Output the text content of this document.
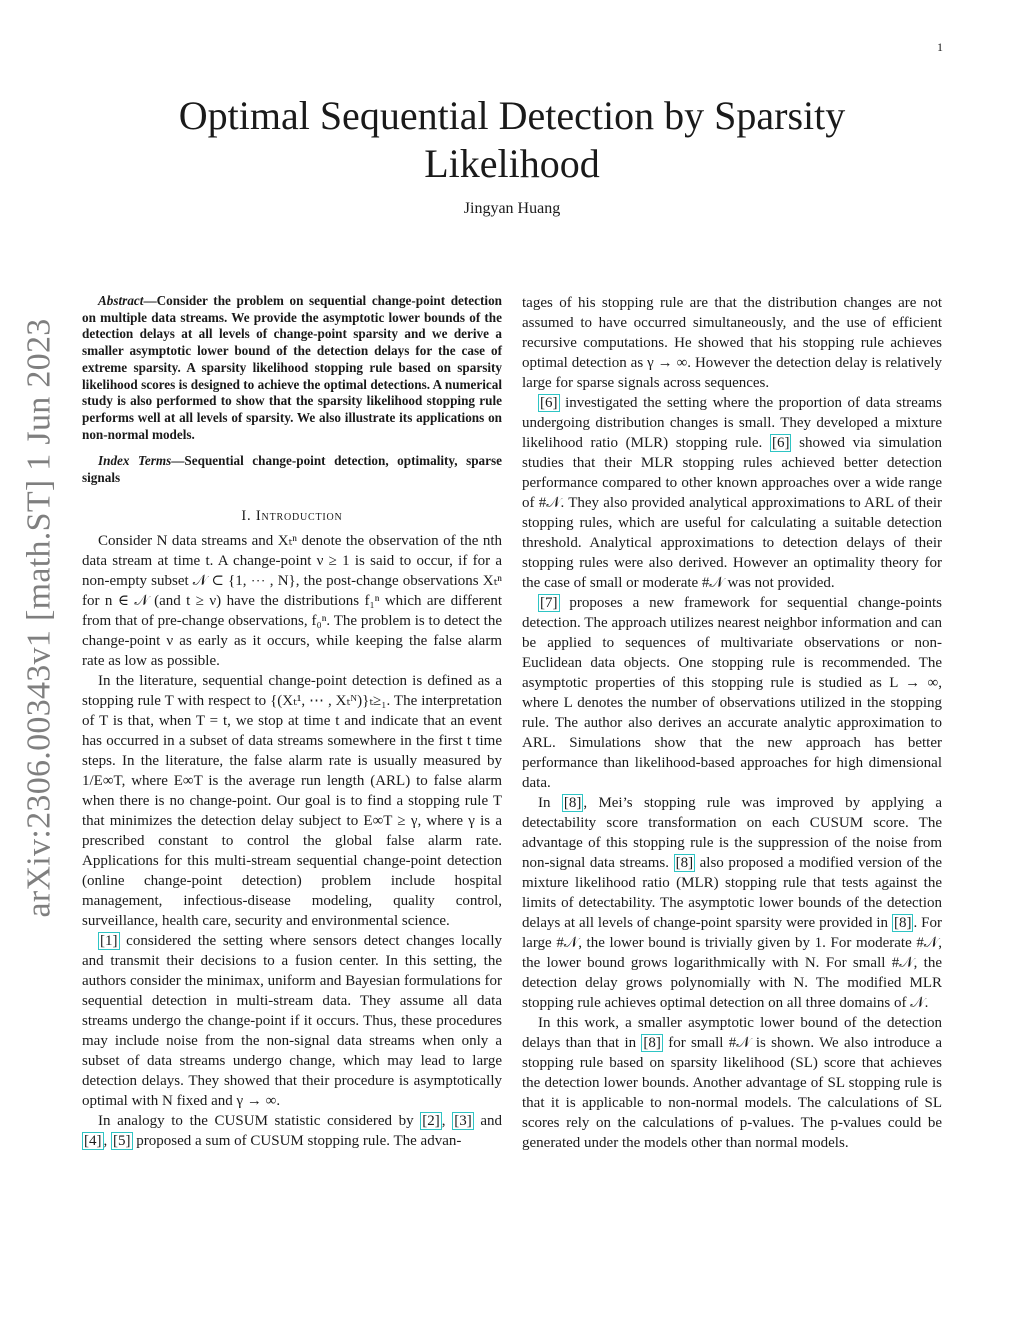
1
arXiv:2306.00343v1 [math.ST] 1 Jun 2023
Optimal Sequential Detection by Sparsity Likelihood
Jingyan Huang

Abstract—Consider the problem on sequential change-point detection on multiple data streams. We provide the asymptotic lower bounds of the detection delays at all levels of change-point sparsity and we derive a smaller asymptotic lower bound of the detection delays for the case of extreme sparsity. A sparsity likelihood stopping rule based on sparsity likelihood scores is designed to achieve the optimal detections. A numerical study is also performed to show that the sparsity likelihood stopping rule performs well at all levels of sparsity. We also illustrate its applications on non-normal models.

Index Terms—Sequential change-point detection, optimality, sparse signals

I. Introduction

Consider N data streams and Xₜⁿ denote the observation of the nth data stream at time t. A change-point ν ≥ 1 is said to occur, if for a non-empty subset 𝒩 ⊂ {1, ⋯ , N}, the post-change observations Xₜⁿ for n ∈ 𝒩 (and t ≥ ν) have the distributions f₁ⁿ which are different from that of pre-change observations, f₀ⁿ. The problem is to detect the change-point ν as early as it occurs, while keeping the false alarm rate as low as possible.

In the literature, sequential change-point detection is defined as a stopping rule T with respect to {(Xₜ¹, ⋯ , Xₜᴺ)}ₜ≥₁. The interpretation of T is that, when T = t, we stop at time t and indicate that an event has occurred in a subset of data streams somewhere in the first t time steps. In the literature, the false alarm rate is usually measured by 1/E∞T, where E∞T is the average run length (ARL) to false alarm when there is no change-point. Our goal is to find a stopping rule T that minimizes the detection delay subject to E∞T ≥ γ, where γ is a prescribed constant to control the global false alarm rate. Applications for this multi-stream sequential change-point detection (online change-point detection) problem include hospital management, infectious-disease modeling, quality control, surveillance, health care, security and environmental science.

[1] considered the setting where sensors detect changes locally and transmit their decisions to a fusion center. In this setting, the authors consider the minimax, uniform and Bayesian formulations for sequential detection in multi-stream data. They assume all data streams undergo the change-point if it occurs. Thus, these procedures may include noise from the non-signal data streams when only a subset of data streams undergo change, which may lead to large detection delays. They showed that their procedure is asymptotically optimal with N fixed and γ → ∞.

In analogy to the CUSUM statistic considered by [2] , [3] and [4] , [5] proposed a sum of CUSUM stopping rule. The advan-

tages of his stopping rule are that the distribution changes are not assumed to have occurred simultaneously, and the use of efficient recursive computations. He showed that his stopping rule achieves optimal detection as γ → ∞. However the detection delay is relatively large for sparse signals across sequences.

[6] investigated the setting where the proportion of data streams undergoing distribution changes is small. They developed a mixture likelihood ratio (MLR) stopping rule. [6] showed via simulation studies that their MLR stopping rules achieved better detection performance compared to other known approaches over a wide range of #𝒩. They also provided analytical approximations to ARL of their stopping rules, which are useful for calculating a suitable detection threshold. Analytical approximations to detection delays of their stopping rules were also derived. However an optimality theory for the case of small or moderate #𝒩 was not provided.

[7] proposes a new framework for sequential change-points detection. The approach utilizes nearest neighbor information and can be applied to sequences of multivariate observations or non-Euclidean data objects. One stopping rule is recommended. The asymptotic properties of this stopping rule is studied as L → ∞, where L denotes the number of observations utilized in the stopping rule. The author also derives an accurate analytic approximation to ARL. Simulations show that the new approach has better performance than likelihood-based approaches for high dimensional data.

In [8] , Mei’s stopping rule was improved by applying a detectability score transformation on each CUSUM score. The advantage of this stopping rule is the suppression of the noise from non-signal data streams. [8] also proposed a modified version of the mixture likelihood ratio (MLR) stopping rule that tests against the limits of detectability. The asymptotic lower bounds of the detection delays at all levels of change-point sparsity were provided in [8] . For large #𝒩, the lower bound is trivially given by 1. For moderate #𝒩, the lower bound grows logarithmically with N. For small #𝒩, the detection delay grows polynomially with N. The modified MLR stopping rule achieves optimal detection on all three domains of 𝒩.

In this work, a smaller asymptotic lower bound of the detection delays than that in [8] for small #𝒩 is shown. We also introduce a stopping rule based on sparsity likelihood (SL) score that achieves the detection lower bounds. Another advantage of SL stopping rule is that it is applicable to non-normal models. The calculations of SL scores rely on the calculations of p-values. The p-values could be generated under the models other than normal models.
